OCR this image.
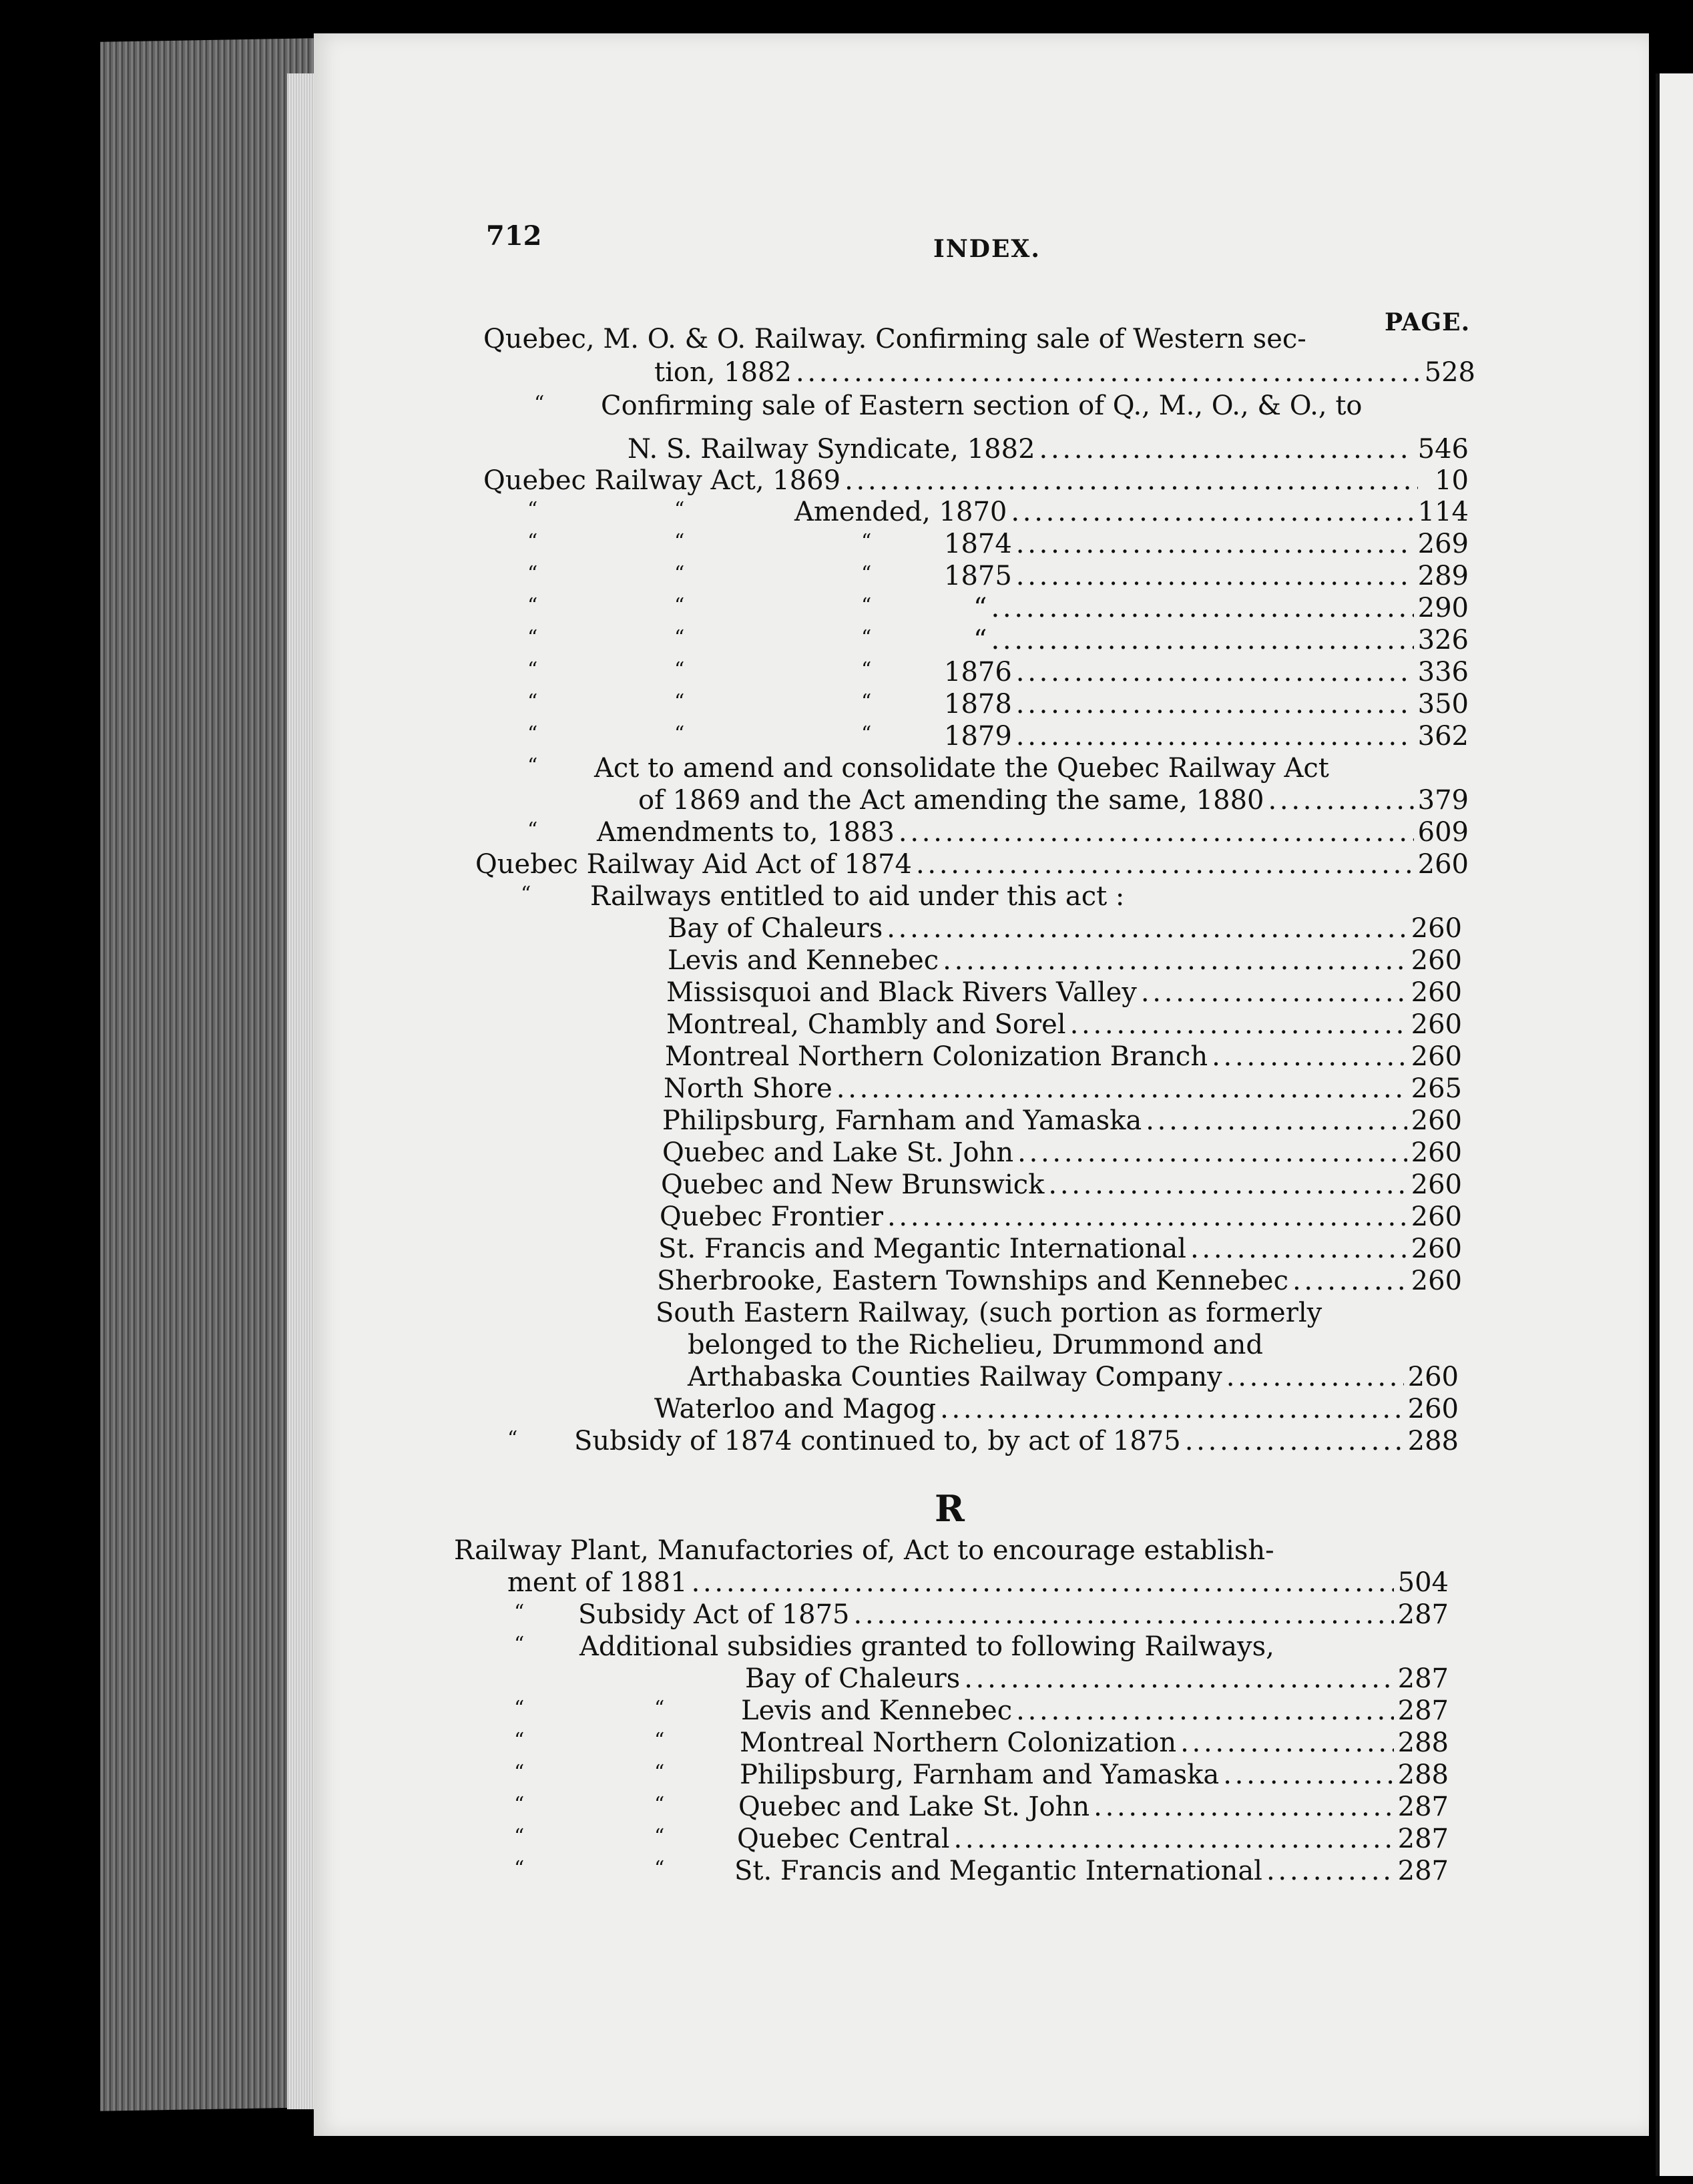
712	INDEX.
PAGE.
R
Quebec, M. O. & O. Railway. Confirming sale of Western sec-
tion, 1882 . . .	528
“ Confirming sale of Eastern section of Q., M., O., & O., to
N. S. Railway Syndicate, 1882 . . .	546
Quebec Railway Act, 1869 . . .	10
“	“	Amended, 1870 . . .	114
“	“	“	1874 . . .	269
“	“	“	1875 . . .	289
“	“	“	“ . . .	290
“	“	“	“ . . .	326
“	“	“	1876 . . .	336
“	“	“	1878 . . .	350
“	“	“	1879 . . .	362
“ Act to amend and consolidate the Quebec Railway Act
of 1869 and the Act amending the same, 1880 . . .	379
“ Amendments to, 1883 . . .	609
Quebec Railway Aid Act of 1874 . . .	260
“ Railways entitled to aid under this act :
Bay of Chaleurs . . .	260
Levis and Kennebec . . .	260
Missisquoi and Black Rivers Valley . . .	260
Montreal, Chambly and Sorel . . .	260
Montreal Northern Colonization Branch . . .	260
North Shore . . .	265
Philipsburg, Farnham and Yamaska . . .	260
Quebec and Lake St. John . . .	260
Quebec and New Brunswick . . .	260
Quebec Frontier . . .	260
St. Francis and Megantic International . . .	260
Sherbrooke, Eastern Townships and Kennebec . . .	260
South Eastern Railway, (such portion as formerly
belonged to the Richelieu, Drummond and
Arthabaska Counties Railway Company . . .	260
Waterloo and Magog . . .	260
“ Subsidy of 1874 continued to, by act of 1875 . . .	288
Railway Plant, Manufactories of, Act to encourage establish-
ment of 1881 . . .	504
“ Subsidy Act of 1875 . . .	287
“ Additional subsidies granted to following Railways,
Bay of Chaleurs . . .	287
“	“	Levis and Kennebec . . .	287
“	“	Montreal Northern Colonization . . .	288
“	“	Philipsburg, Farnham and Yamaska . . .	288
“	“	Quebec and Lake St. John . . .	287
“	“	Quebec Central . . .	287
“	“	St. Francis and Megantic International . . .	287
